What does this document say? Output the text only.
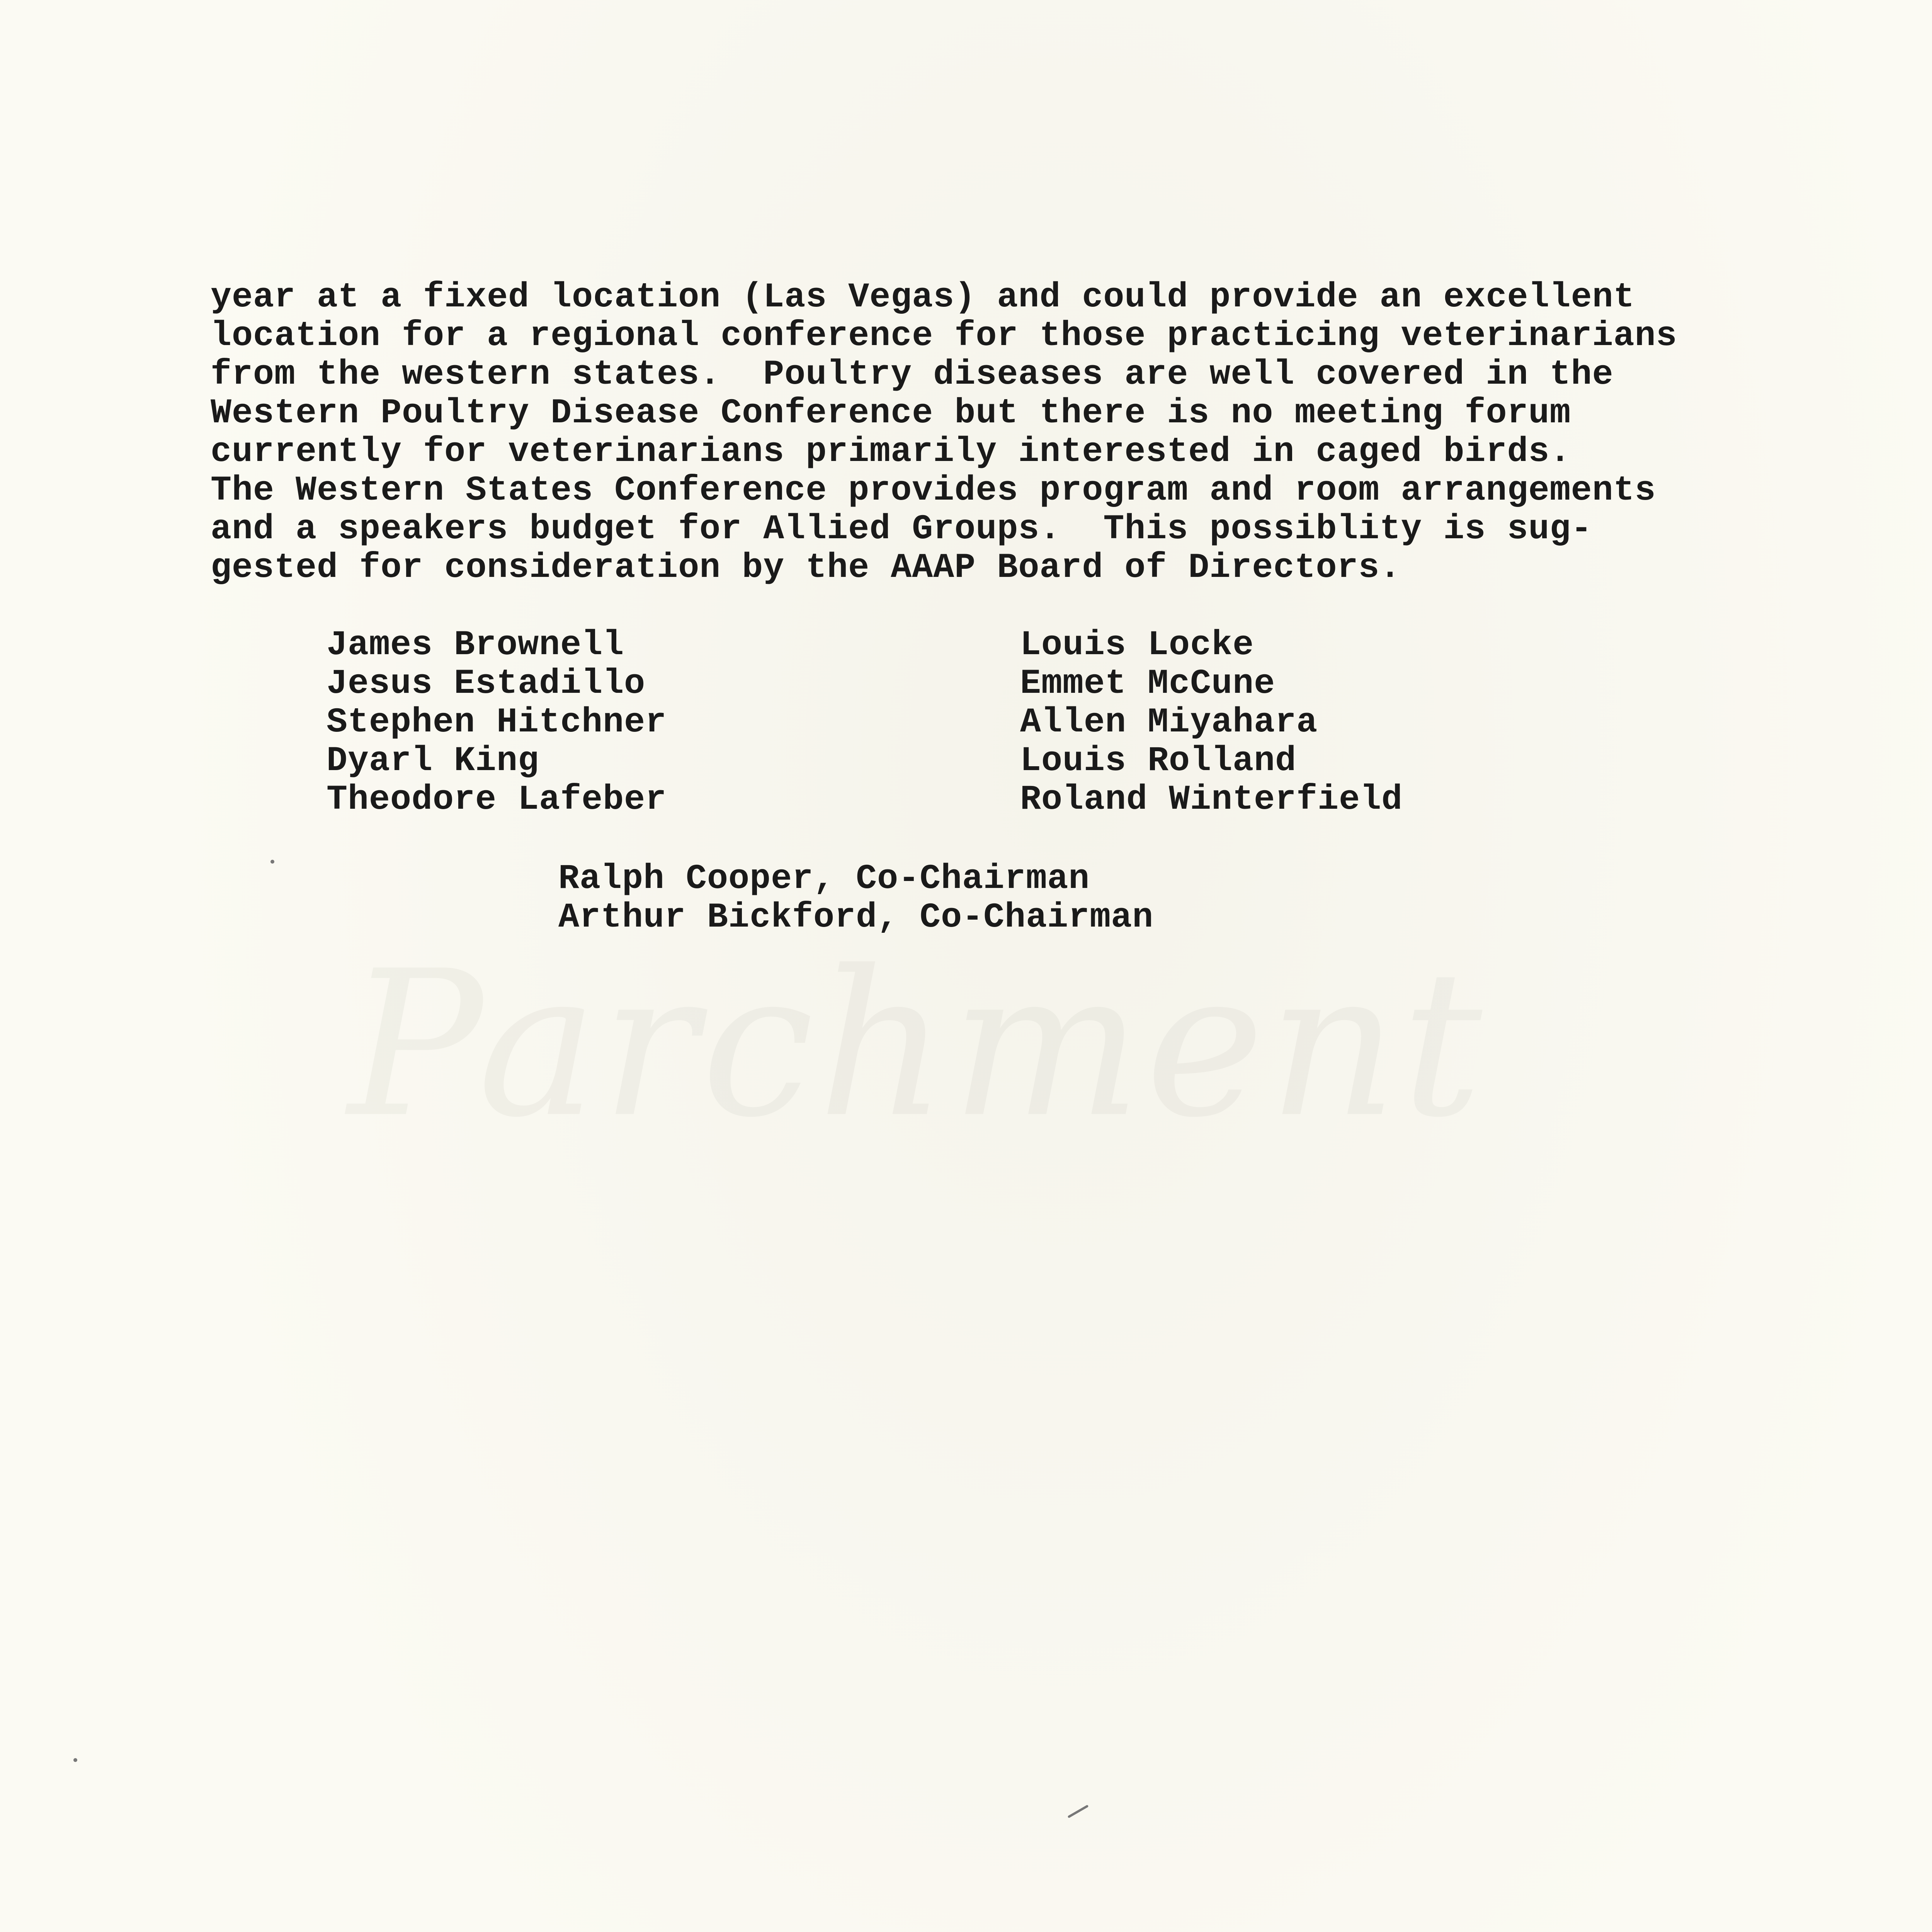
Parchment
year at a fixed location (Las Vegas) and could provide an excellent
location for a regional conference for those practicing veterinarians
from the western states.  Poultry diseases are well covered in the
Western Poultry Disease Conference but there is no meeting forum
currently for veterinarians primarily interested in caged birds.
The Western States Conference provides program and room arrangements
and a speakers budget for Allied Groups.  This possiblity is sug-
gested for consideration by the AAAP Board of Directors.
James Brownell
Jesus Estadillo
Stephen Hitchner
Dyarl King
Theodore Lafeber
Louis Locke
Emmet McCune
Allen Miyahara
Louis Rolland
Roland Winterfield
Ralph Cooper, Co-Chairman
Arthur Bickford, Co-Chairman
